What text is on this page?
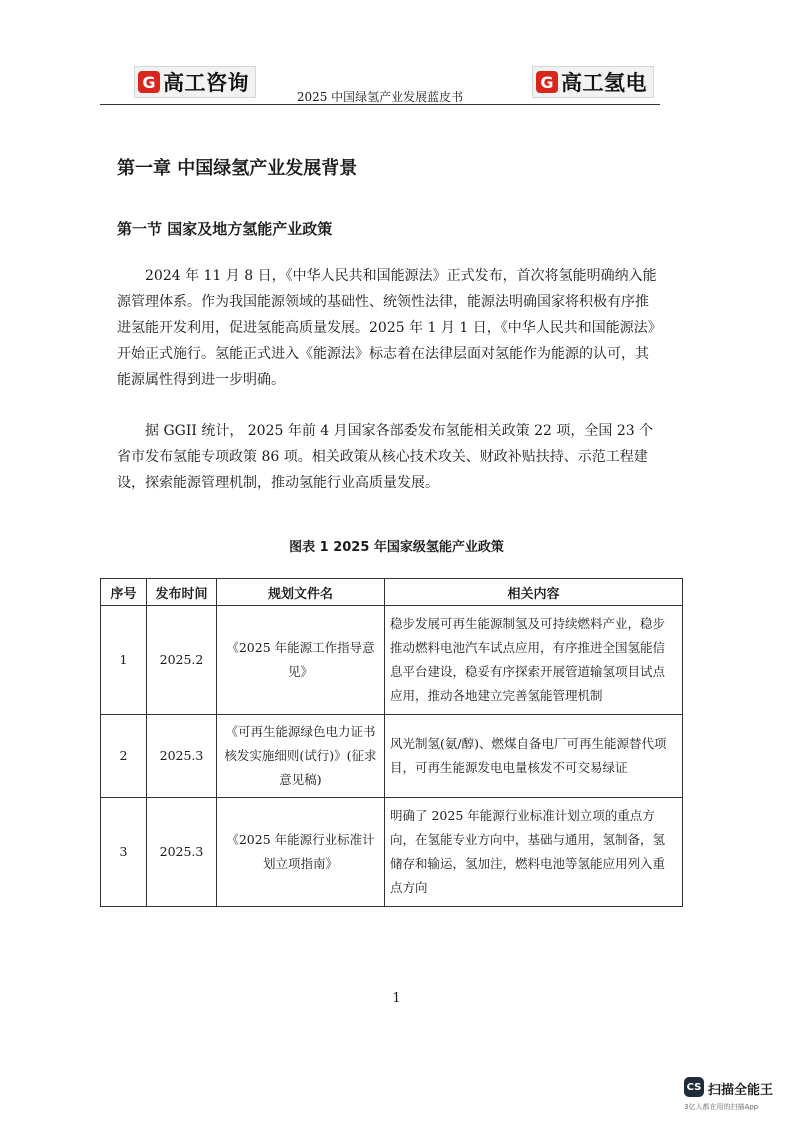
G 高工咨询
2025 中国绿氢产业发展蓝皮书
G 高工氢电
第一章 中国绿氢产业发展背景
第一节 国家及地方氢能产业政策

2024 年 11 月 8 日，《中华人民共和国能源法》正式发布，首次将氢能明确纳入能源管理体系。作为我国能源领域的基础性、统领性法律，能源法明确国家将积极有序推进氢能开发利用，促进氢能高质量发展。2025 年 1 月 1 日，《中华人民共和国能源法》开始正式施行。氢能正式进入《能源法》标志着在法律层面对氢能作为能源的认可，其能源属性得到进一步明确。

据 GGII 统计， 2025 年前 4 月国家各部委发布氢能相关政策 22 项，全国 23 个省市发布氢能专项政策 86 项。相关政策从核心技术攻关、财政补贴扶持、示范工程建设，探索能源管理机制，推动氢能行业高质量发展。

图表 1 2025 年国家级氢能产业政策
序号	发布时间	规划文件名	相关内容
1	2025.2	《2025 年能源工作指导意见》	稳步发展可再生能源制氢及可持续燃料产业，稳步推动燃料电池汽车试点应用，有序推进全国氢能信息平台建设，稳妥有序探索开展管道输氢项目试点应用，推动各地建立完善氢能管理机制
2	2025.3	《可再生能源绿色电力证书核发实施细则(试行)》(征求意见稿)	风光制氢(氨/醇)、燃煤自备电厂可再生能源替代项目，可再生能源发电电量核发不可交易绿证
3	2025.3	《2025 年能源行业标准计划立项指南》	明确了 2025 年能源行业标准计划立项的重点方向，在氢能专业方向中，基础与通用，氢制备，氢储存和输运，氢加注，燃料电池等氢能应用列入重点方向
1
CS 扫描全能王
3亿人都在用的扫描App
